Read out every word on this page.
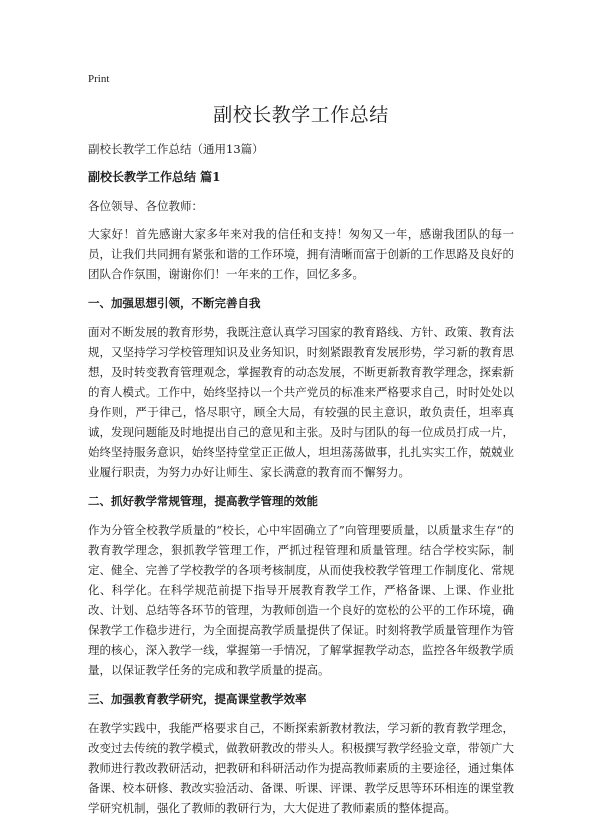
Print

副校长教学工作总结

副校长教学工作总结（通用13篇）

副校长教学工作总结 篇1

各位领导、各位教师：

大家好！首先感谢大家多年来对我的信任和支持！匆匆又一年，感谢我团队的每一员，让我们共同拥有紧张和谐的工作环境，拥有清晰而富于创新的工作思路及良好的团队合作氛围，谢谢你们！一年来的工作，回忆多多。

一、加强思想引领，不断完善自我

面对不断发展的教育形势，我既注意认真学习国家的教育路线、方针、政策、教育法规，又坚持学习学校管理知识及业务知识，时刻紧跟教育发展形势，学习新的教育思想，及时转变教育管理观念，掌握教育的动态发展，不断更新教育教学理念，探索新的育人模式。工作中，始终坚持以一个共产党员的标准来严格要求自己，时时处处以身作则，严于律己，恪尽职守，顾全大局，有较强的民主意识，敢负责任，坦率真诚，发现问题能及时地提出自己的意见和主张。及时与团队的每一位成员打成一片，始终坚持服务意识，始终坚持堂堂正正做人，坦坦荡荡做事，扎扎实实工作，兢兢业业履行职责，为努力办好让师生、家长满意的教育而不懈努力。

二、抓好教学常规管理，提高教学管理的效能

作为分管全校教学质量的“校长，心中牢固确立了”向管理要质量，以质量求生存“的教育教学理念，狠抓教学管理工作，严抓过程管理和质量管理。结合学校实际，制定、健全、完善了学校教学的各项考核制度，从而使我校教学管理工作制度化、常规化、科学化。在科学规范前提下指导开展教育教学工作，严格备课、上课、作业批改、计划、总结等各环节的管理，为教师创造一个良好的宽松的公平的工作环境，确保教学工作稳步进行，为全面提高教学质量提供了保证。时刻将教学质量管理作为管理的核心，深入教学一线，掌握第一手情况，了解掌握教学动态，监控各年级教学质量，以保证教学任务的完成和教学质量的提高。

三、加强教育教学研究，提高课堂教学效率

在教学实践中，我能严格要求自己，不断探索新教材教法，学习新的教育教学理念，改变过去传统的教学模式，做教研教改的带头人。积极撰写教学经验文章，带领广大教师进行教改教研活动，把教研和科研活动作为提高教师素质的主要途径，通过集体备课、校本研修、教改实验活动、备课、听课、评课、教学反思等环环相连的课堂教学研究机制，强化了教师的教研行为，大大促进了教师素质的整体提高。
